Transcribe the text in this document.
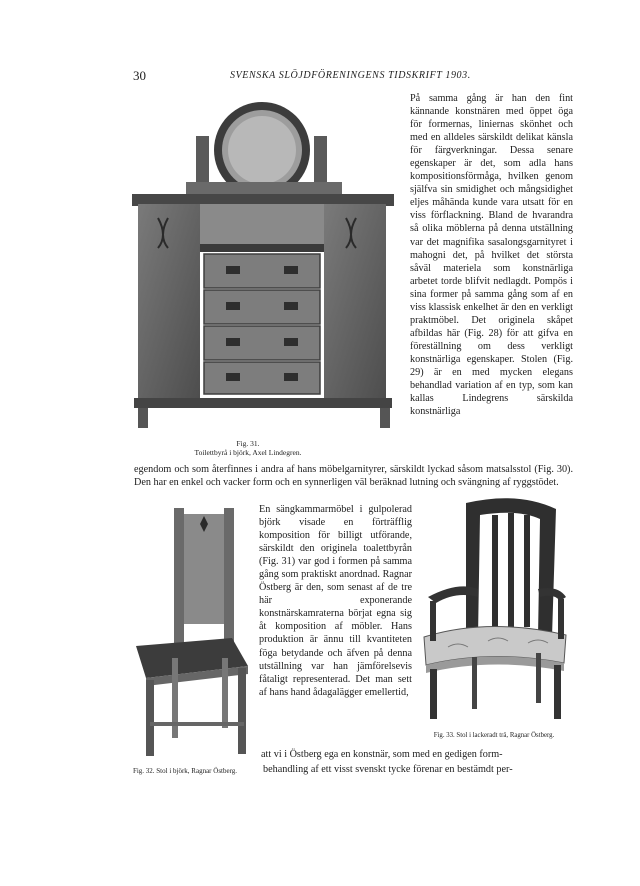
30	SVENSKA SLÖJDFÖRENINGENS TIDSKRIFT 1903.
Fig. 31.
Toilettbyrå i björk, Axel Lindegren.

På samma gång är han den fint kännande konstnären med öppet öga för formernas, liniernas skönhet och med en alldeles särskildt delikat känsla för färgverkningar. Dessa senare egenskaper är det, som adla hans kompositionsförmåga, hvilken genom själfva sin smidighet och mångsidighet eljes måhända kunde vara utsatt för en viss förflackning. Bland de hvarandra så olika möblerna på denna utställning var det magnifika sasalongsgarnityret i mahogni det, på hvilket det största såväl materiela som konstnärliga arbetet torde blifvit nedlagdt. Pompös i sina former på samma gång som af en viss klassisk enkelhet är den en verkligt praktmöbel. Det originela skåpet afbildas här (Fig. 28) för att gifva en föreställning om dess verkligt konstnärliga egenskaper. Stolen (Fig. 29) är en med mycken elegans behandlad variation af en typ, som kan kallas Lindegrens särskilda konstnärliga

egendom och som återfinnes i andra af hans möbelgarnityrer, särskildt lyckad såsom matsalsstol (Fig. 30). Den har en enkel och vacker form och en synnerligen väl beräknad lutning och svängning af ryggstödet.

Fig. 32. Stol i björk, Ragnar Östberg.

En sängkammarmöbel i gulpolerad björk visade en förträfflig komposition för billigt utförande, särskildt den originela toalettbyrån (Fig. 31) var god i formen på samma gång som praktiskt anordnad. Ragnar Östberg är den, som senast af de tre här exponerande konstnärskamraterna börjat egna sig åt komposition af möbler. Hans produktion är ännu till kvantiteten föga betydande och äfven på denna utställning var han jämförelsevis fåtaligt representerad. Det man sett af hans hand ådagalägger emellertid,

Fig. 33. Stol i lackeradt trä, Ragnar Östberg.
att vi i Östberg ega en konstnär, som med en gedigen form-
behandling af ett visst svenskt tycke förenar en bestämdt per-
